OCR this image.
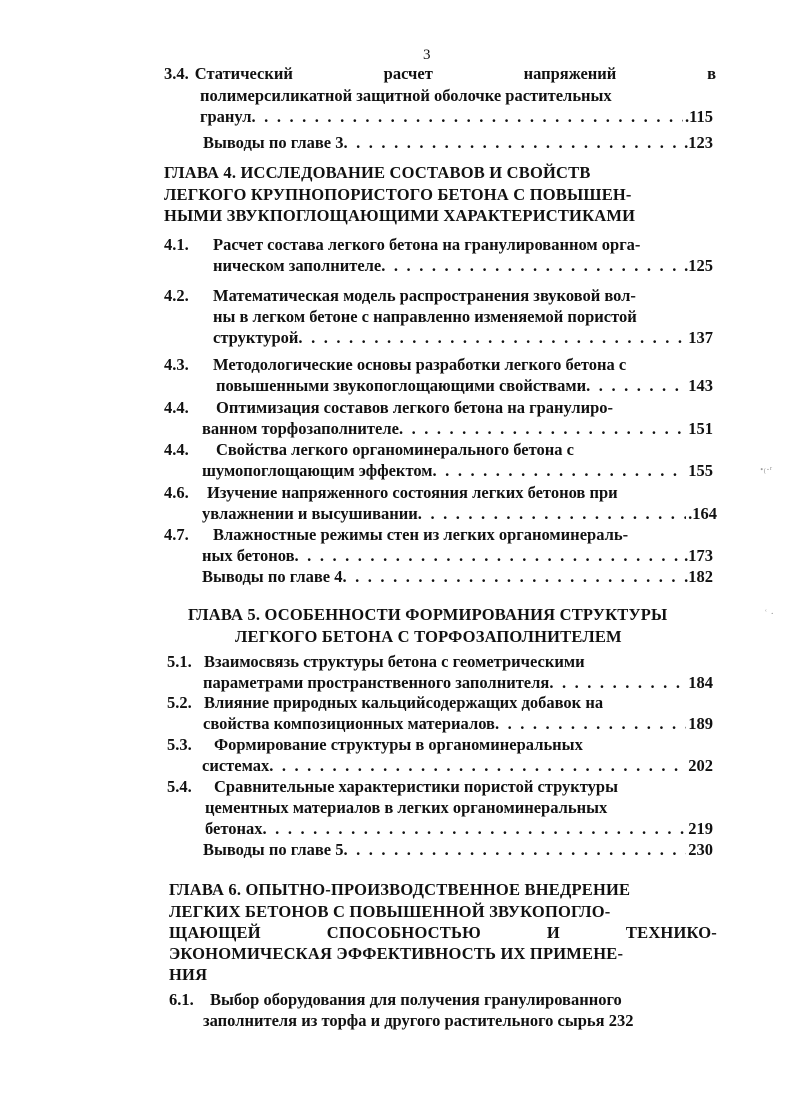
3
3.4. Статический	расчет	напряжений	в
полимерсиликатной защитной оболочке растительных
гранул . . .	.115
Выводы по главе 3 . . .	.123
ГЛАВА 4. ИССЛЕДОВАНИЕ СОСТАВОВ И СВОЙСТВ
ЛЕГКОГО КРУПНОПОРИСТОГО БЕТОНА С ПОВЫШЕН-
НЫМИ ЗВУКПОГЛОЩАЮЩИМИ ХАРАКТЕРИСТИКАМИ
4.1. Расчет состава легкого бетона на гранулированном орга-
ническом заполнителе . . .	.125
4.2. Математическая модель распространения звуковой вол-
ны в легком бетоне с направленно изменяемой пористой
структурой . . .	137
4.3. Методологические основы разработки легкого бетона с
повышенными звукопоглощающими свойствами . . .	143
4.4. Оптимизация составов легкого бетона на гранулиро-
ванном торфозаполнителе . . .	151
4.4. Свойства легкого органоминерального бетона с
шумопоглощающим эффектом . . .	155
4.6. Изучение напряженного состояния легких бетонов при
увлажнении и высушивании . . .	.164
4.7. Влажностные режимы стен из легких органоминераль-
ных бетонов . . .	.173
Выводы по главе 4 . . .	.182
ГЛАВА 5. ОСОБЕННОСТИ ФОРМИРОВАНИЯ СТРУКТУРЫ
ЛЕГКОГО БЕТОНА С ТОРФОЗАПОЛНИТЕЛЕМ
5.1. Взаимосвязь структуры бетона с геометрическими
параметрами пространственного заполнителя . . .	184
5.2. Влияние природных кальцийсодержащих добавок на
свойства композиционных материалов . . .	189
5.3. Формирование структуры в органоминеральных
системах . . .	202
5.4. Сравнительные характеристики пористой структуры
цементных материалов в легких органоминеральных
бетонах . . .	219
Выводы по главе 5 . . .	230
ГЛАВА 6. ОПЫТНО-ПРОИЗВОДСТВЕННОЕ ВНЕДРЕНИЕ
ЛЕГКИХ БЕТОНОВ С ПОВЫШЕННОЙ ЗВУКОПОГЛО-
ЩАЮЩЕЙ	СПОСОБНОСТЬЮ	И	ТЕХНИКО-
ЭКОНОМИЧЕСКАЯ ЭФФЕКТИВНОСТЬ ИХ ПРИМЕНЕ-
НИЯ
6.1. Выбор оборудования для получения гранулированного
заполнителя из торфа и другого растительного сырья 232
ꞏ₍·ʳ
ʿ ·
